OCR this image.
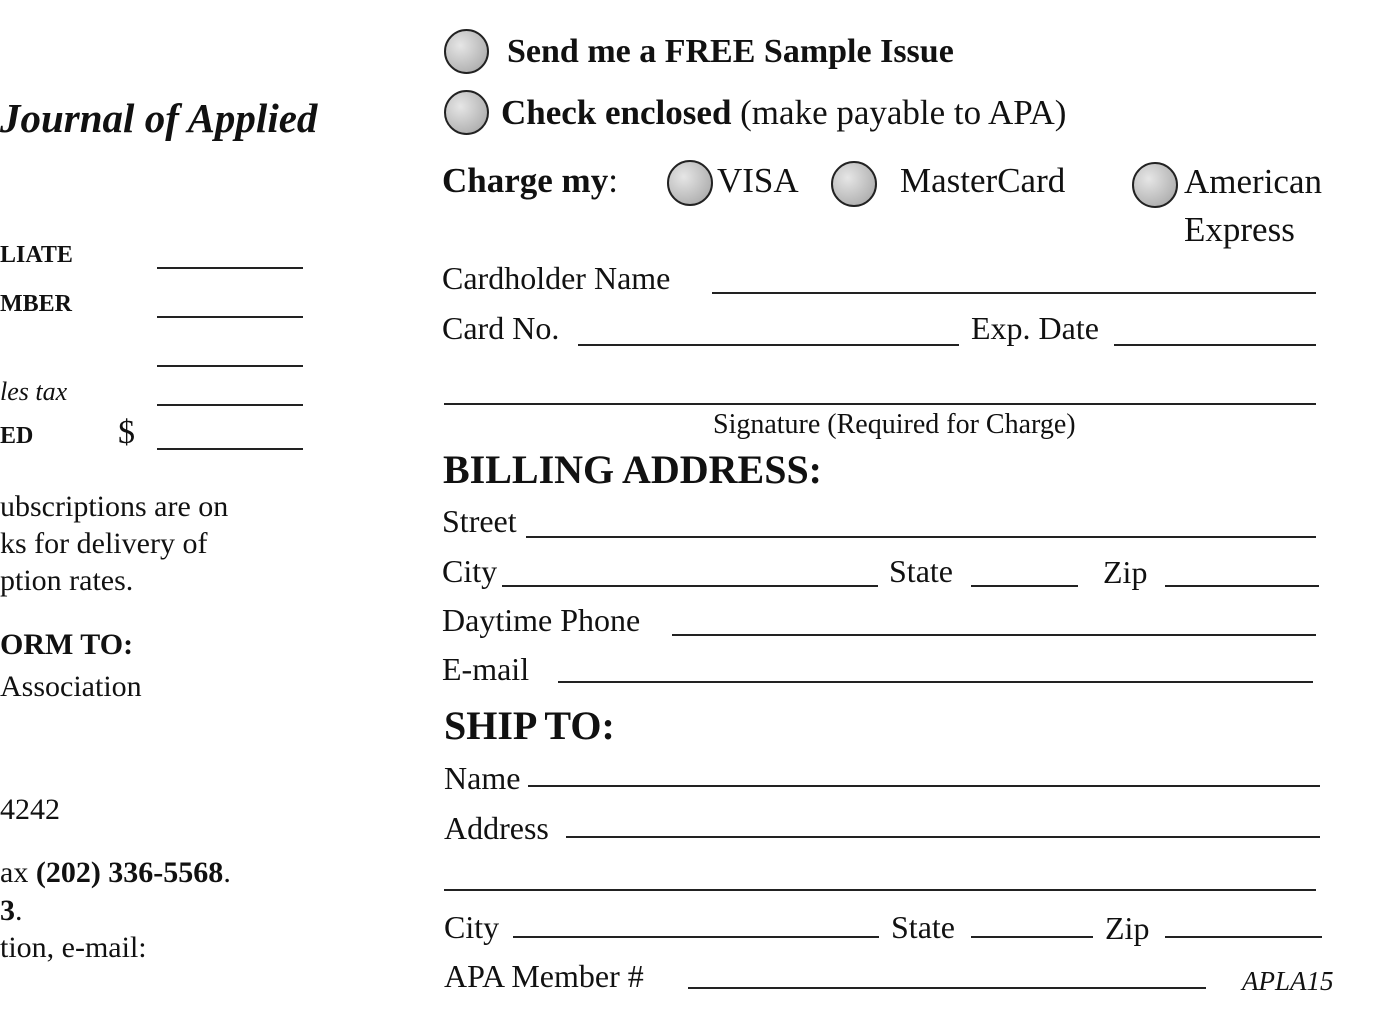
Journal of Applied
LIATE
MBER
les tax
ED $
ubscriptions are on
ks for delivery of
ption rates.
ORM TO:
Association
4242
ax (202) 336-5568.
3.
tion, e-mail:
Send me a FREE Sample Issue
Check enclosed (make payable to APA)
Charge my:	VISA	MasterCard	American
Express
Cardholder Name
Card No.	Exp. Date
Signature (Required for Charge)
BILLING ADDRESS:
Street
City	State	Zip
Daytime Phone
E-mail
SHIP TO:
Name
Address
City	State	Zip
APA Member #	APLA15
